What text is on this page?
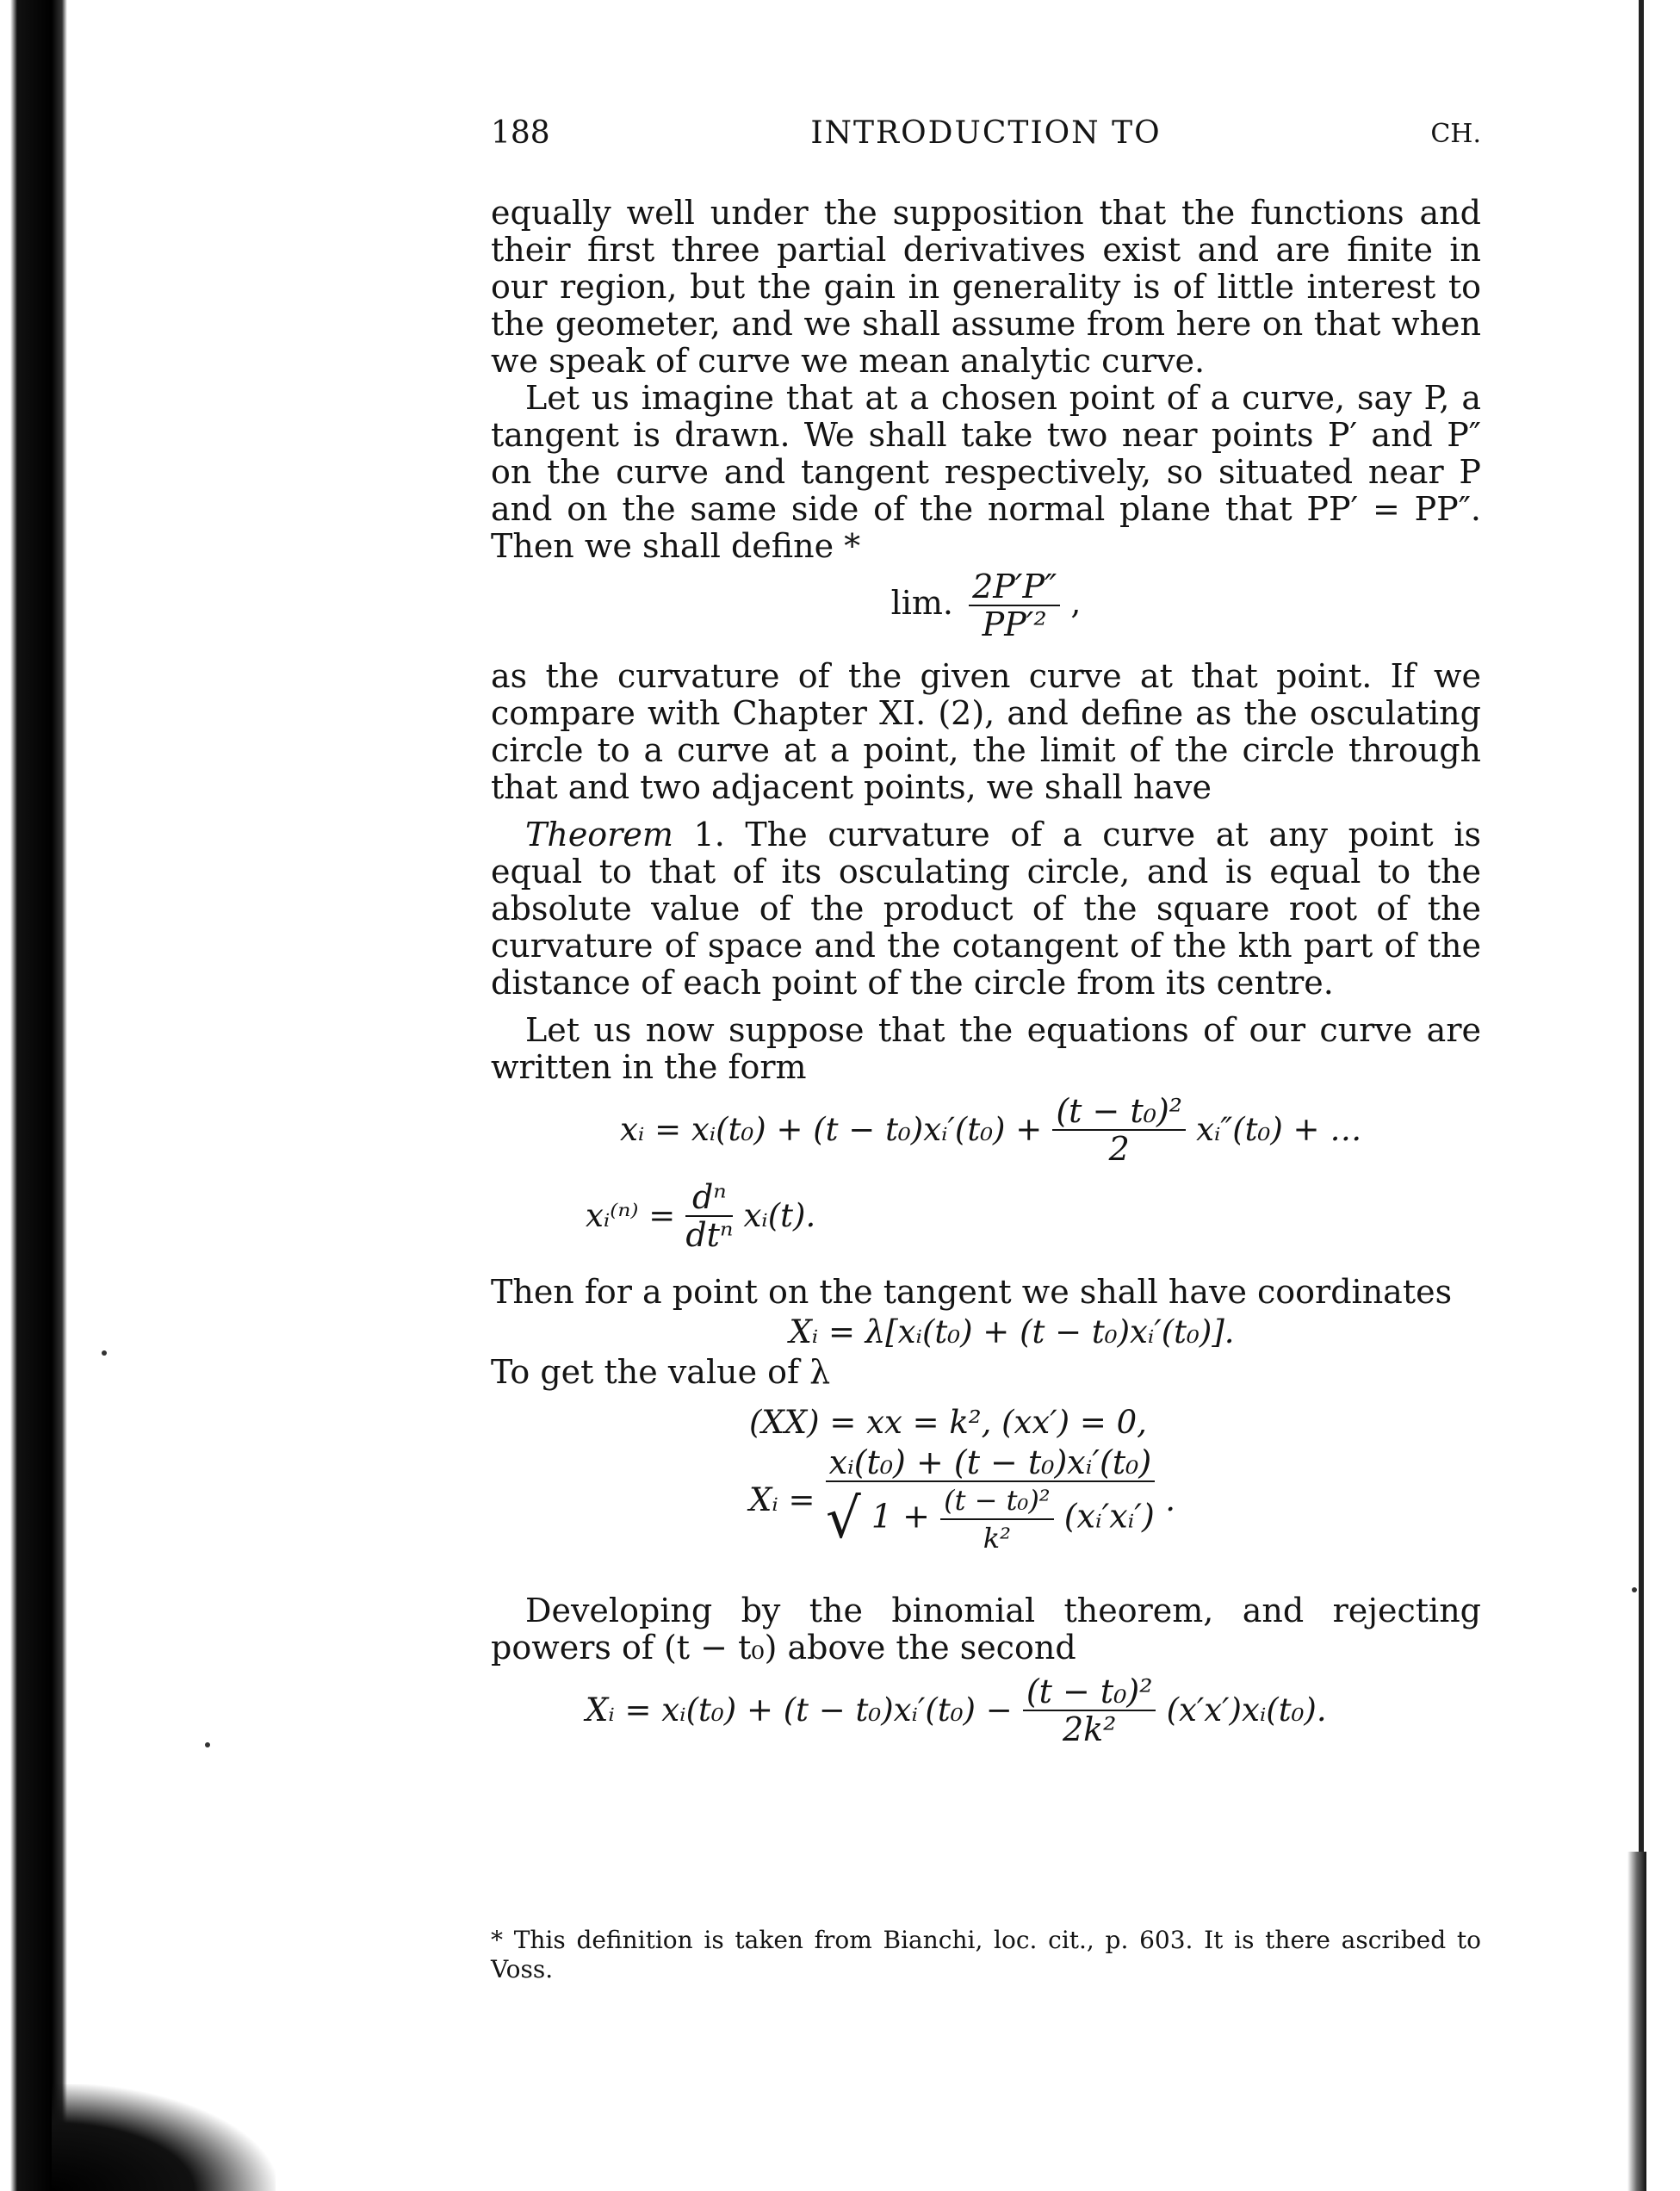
188	INTRODUCTION TO	CH.

equally well under the supposition that the functions and their first three partial derivatives exist and are finite in our region, but the gain in generality is of little interest to the geometer, and we shall assume from here on that when we speak of curve we mean analytic curve.

Let us imagine that at a chosen point of a curve, say P, a tangent is drawn. We shall take two near points P′ and P″ on the curve and tangent respectively, so situated near P and on the same side of the normal plane that PP′ = PP″. Then we shall define *

lim. $\frac{2P'P''}{\text{PP′²}}$ ,

as the curvature of the given curve at that point. If we compare with Chapter XI. (2), and define as the osculating circle to a curve at a point, the limit of the circle through that and two adjacent points, we shall have

Theorem 1. The curvature of a curve at any point is equal to that of its osculating circle, and is equal to the absolute value of the product of the square root of the curvature of space and the cotangent of the kth part of the distance of each point of the circle from its centre.

Let us now suppose that the equations of our curve are written in the form

xᵢ = xᵢ(t₀) + (t − t₀)xᵢ′(t₀) + $\frac{\text{(t − t₀)²}}{2}$ xᵢ″(t₀) + …
xᵢ⁽ⁿ⁾ = $\frac{\text{dⁿ}}{\text{dtⁿ}}$ xᵢ(t).

Then for a point on the tangent we shall have coordinates

Xᵢ = λ[xᵢ(t₀) + (t − t₀)xᵢ′(t₀)].

To get the value of λ

(XX) = xx = k², (xx′) = 0,

Xᵢ =
xᵢ(t₀) + (t − t₀)xᵢ′(t₀)
√ $1 + \frac{\text{(t − t₀)²}}{\text{k²}}$ (xᵢ′xᵢ′) .

Developing by the binomial theorem, and rejecting powers of (t − t₀) above the second

Xᵢ = xᵢ(t₀) + (t − t₀)xᵢ′(t₀) − $\frac{\text{(t − t₀)²}}{\text{2k²}}$ (x′x′)xᵢ(t₀).
* This definition is taken from Bianchi, loc. cit., p. 603. It is there ascribed to Voss.
